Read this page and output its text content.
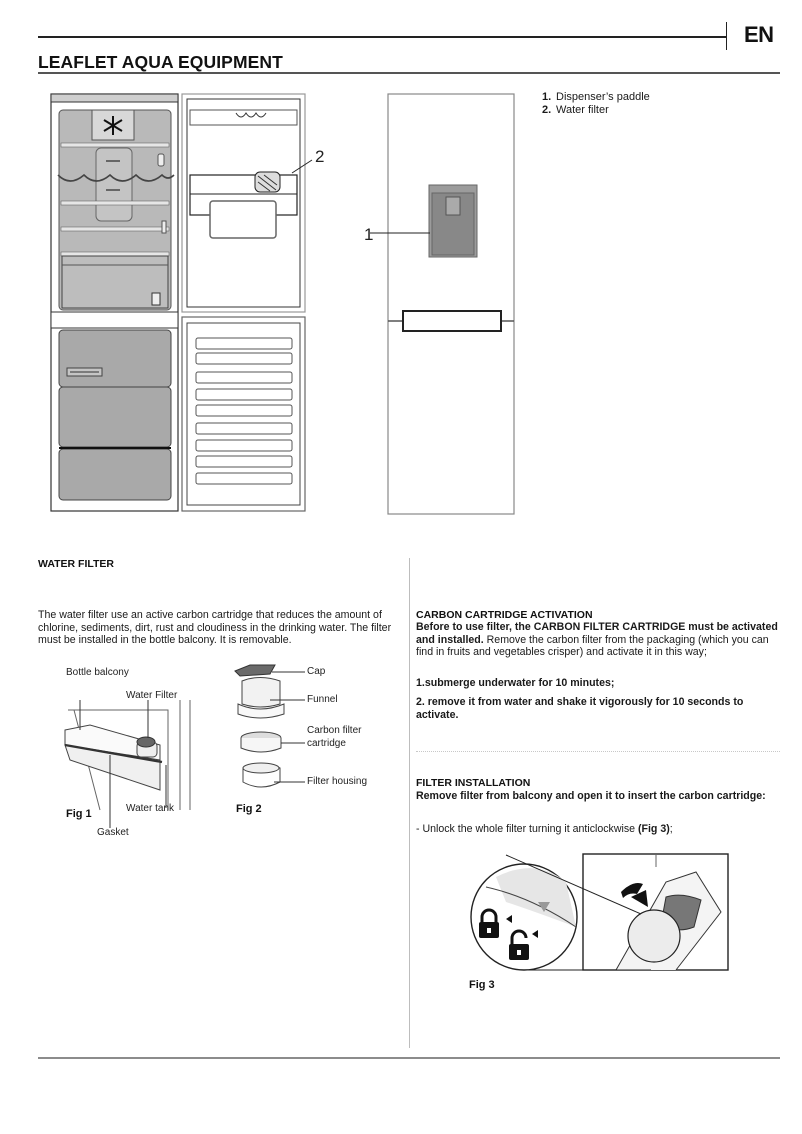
EN
LEAFLET AQUA EQUIPMENT
2
1
1. Dispenser’s paddle
2. Water filter
WATER FILTER
The water filter use an active carbon cartridge that reduces the amount of chlorine, sediments, dirt, rust and cloudiness in the drinking water. The filter must be installed in the bottle balcony. It is removable.
Bottle balcony
Water Filter
Water tank
Gasket
Fig 1
Cap
Funnel
Carbon filter
cartridge
Filter housing
Fig 2
CARBON CARTRIDGE ACTIVATION
Before to use filter, the CARBON FILTER CARTRIDGE must be activated and installed. Remove the carbon filter from the packaging (which you can find in fruits and vegetables crisper) and activate it in this way;
1.submerge underwater for 10 minutes;
2. remove it from water and shake it vigorously for 10 seconds to activate.
FILTER INSTALLATION
Remove filter from balcony and open it to insert the carbon cartridge:
- Unlock the whole filter turning it anticlockwise (Fig 3);
Fig 3
